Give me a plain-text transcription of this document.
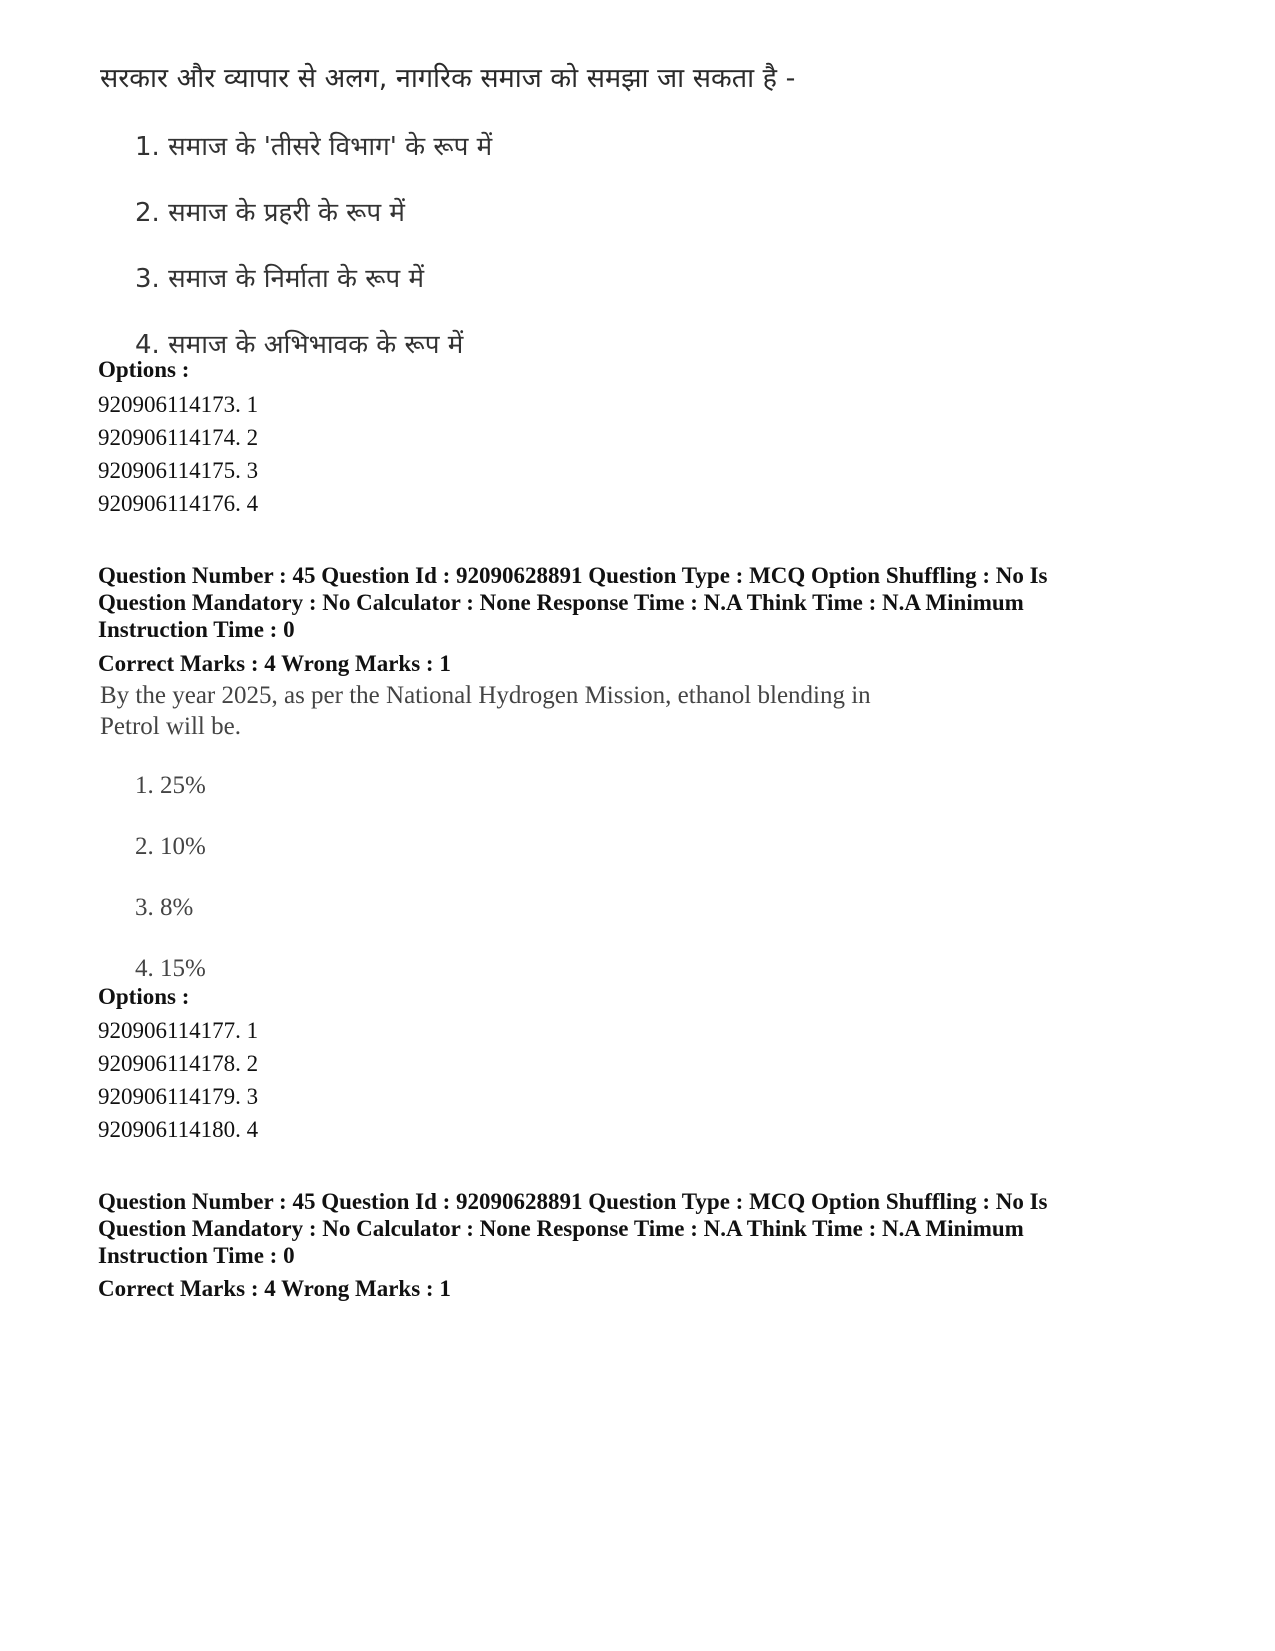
सरकार और व्यापार से अलग, नागरिक समाज को समझा जा सकता है -
1. समाज के 'तीसरे विभाग' के रूप में
2. समाज के प्रहरी के रूप में
3. समाज के निर्माता के रूप में
4. समाज के अभिभावक के रूप में
Options :
920906114173. 1
920906114174. 2
920906114175. 3
920906114176. 4
Question Number : 45 Question Id : 92090628891 Question Type : MCQ Option Shuffling : No Is
Question Mandatory : No Calculator : None Response Time : N.A Think Time : N.A Minimum
Instruction Time : 0
Correct Marks : 4 Wrong Marks : 1
By the year 2025, as per the National Hydrogen Mission, ethanol blending in
Petrol will be.
1. 25%
2. 10%
3. 8%
4. 15%
Options :
920906114177. 1
920906114178. 2
920906114179. 3
920906114180. 4
Question Number : 45 Question Id : 92090628891 Question Type : MCQ Option Shuffling : No Is
Question Mandatory : No Calculator : None Response Time : N.A Think Time : N.A Minimum
Instruction Time : 0
Correct Marks : 4 Wrong Marks : 1
